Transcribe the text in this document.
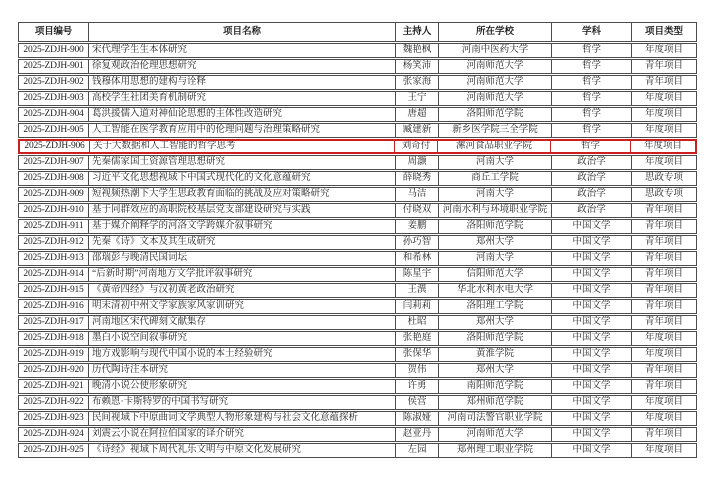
项目编号	项目名称	主持人	所在学校	学科	项目类型
2025-ZDJH-900 宋代理学生生本体研究	魏艳枫	河南中医药大学	哲学	年度项目
2025-ZDJH-901 徐复观政治伦理思想研究	杨笑沛	河南师范大学	哲学	青年项目
2025-ZDJH-902 钱穆体用思想的建构与诠释	张家海	河南师范大学	哲学	青年项目
2025-ZDJH-903 高校学生社团美育机制研究	王宁	河南师范大学	哲学	年度项目
2025-ZDJH-904 葛洪援儒入道对神仙论思想的主体性改造研究	唐超	洛阳师范学院	哲学	年度项目
2025-ZDJH-905 人工智能在医学教育应用中的伦理问题与治理策略研究	臧建新	新乡医学院三全学院	哲学	年度项目
2025-ZDJH-906 关于大数据和人工智能的哲学思考	刘奇付	漯河食品职业学院	哲学	年度项目
2025-ZDJH-907 先秦儒家国土资源管理思想研究	周灏	河南大学	政治学	年度项目
2025-ZDJH-908 习近平文化思想视域下中国式现代化的文化意蕴研究	薛晓秀	商丘工学院	政治学	思政专项
2025-ZDJH-909 短视频热潮下大学生思政教育面临的挑战及应对策略研究	马洁	河南大学	政治学	思政专项
2025-ZDJH-910 基于同群效应的高职院校基层党支部建设研究与实践	付晓双	河南水利与环境职业学院	政治学	青年项目
2025-ZDJH-911 基于媒介阐释学的河洛文学跨媒介叙事研究	姜鹏	洛阳师范学院	中国文学	青年项目
2025-ZDJH-912 先秦《诗》文本及其生成研究	孙巧智	郑州大学	中国文学	青年项目
2025-ZDJH-913 邵瑞彭与晚清民国词坛	和希林	河南大学	中国文学	青年项目
2025-ZDJH-914 “后新时期”河南地方文学批评叙事研究	陈星宇	信阳师范大学	中国文学	青年项目
2025-ZDJH-915 《黄帝四经》与汉初黄老政治研究	王潩	华北水利水电大学	中国文学	青年项目
2025-ZDJH-916 明末清初中州文学家族家风家训研究	闫莉莉	洛阳理工学院	中国文学	青年项目
2025-ZDJH-917 河南地区宋代碑刻文献集存	杜昭	郑州大学	中国文学	青年项目
2025-ZDJH-918 墨白小说空间叙事研究	张艳庭	洛阳师范学院	中国文学	年度项目
2025-ZDJH-919 地方戏影响与现代中国小说的本土经验研究	张保华	黄淮学院	中国文学	年度项目
2025-ZDJH-920 历代陶诗注本研究	贺伟	郑州大学	中国文学	青年项目
2025-ZDJH-921 晚清小说公使形象研究	许勇	南阳师范学院	中国文学	青年项目
2025-ZDJH-922 布赖恩·卡斯特罗的中国书写研究	侯营	郑州师范学院	中国文学	年度项目
2025-ZDJH-923 民间视域下中原曲词文学典型人物形象建构与社会文化意蕴探析	陈淑娅	河南司法警官职业学院	中国文学	年度项目
2025-ZDJH-924 刘震云小说在阿拉伯国家的译介研究	赵亚丹	河南师范大学	中国文学	青年项目
2025-ZDJH-925 《诗经》视域下周代礼乐文明与中原文化发展研究	左园	郑州理工职业学院	中国文学	年度项目
